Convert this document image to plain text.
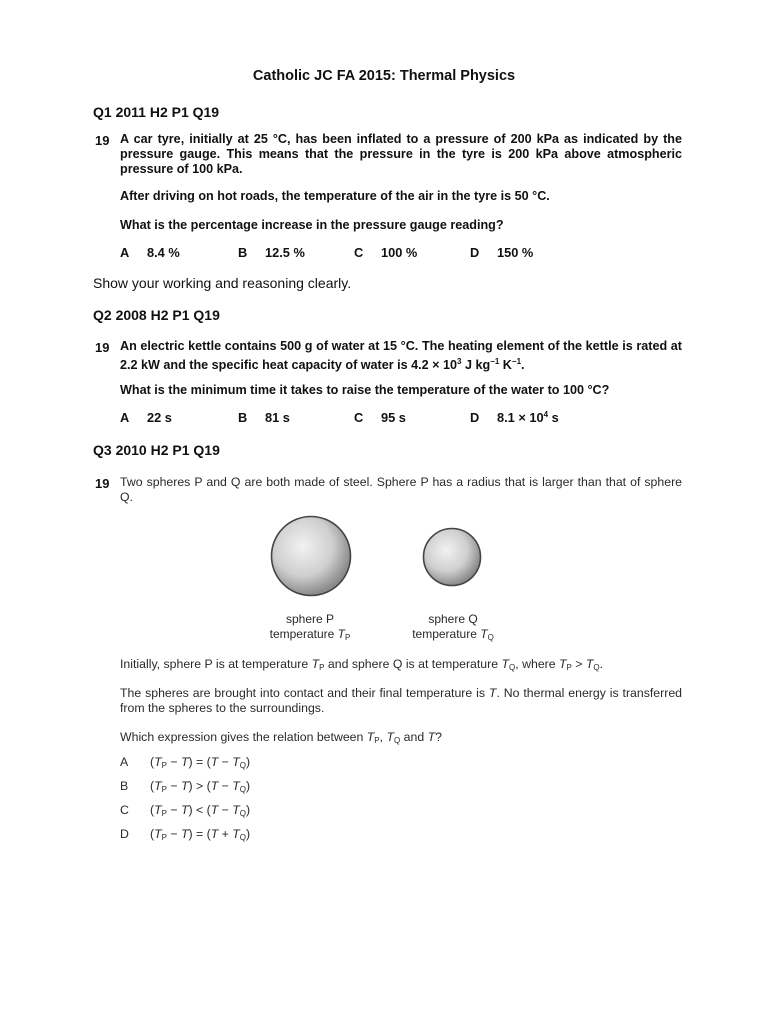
Catholic JC FA 2015: Thermal Physics
Q1 2011 H2 P1 Q19
19 A car tyre, initially at 25 °C, has been inflated to a pressure of 200 kPa as indicated by the pressure gauge. This means that the pressure in the tyre is 200 kPa above atmospheric pressure of 100 kPa.
After driving on hot roads, the temperature of the air in the tyre is 50 °C.
What is the percentage increase in the pressure gauge reading?
A 8.4 %	B 12.5 %	C 100 %	D 150 %
Show your working and reasoning clearly.
Q2 2008 H2 P1 Q19
19 An electric kettle contains 500 g of water at 15 °C. The heating element of the kettle is rated at 2.2 kW and the specific heat capacity of water is $4.2 \times 10^3$ J $kg^{-1}$ $K^{-1}$.
What is the minimum time it takes to raise the temperature of the water to 100 °C?
A 22 s	B 81 s	C 95 s	D $8.1 \times 10^4$ s
Q3 2010 H2 P1 Q19
19 Two spheres P and Q are both made of steel. Sphere P has a radius that is larger than that of sphere Q.
sphere P
temperature $T_P$
sphere Q
temperature $T_Q$
Initially, sphere P is at temperature $T_P$ and sphere Q is at temperature $T_Q$, where $T_P > T_Q$.
The spheres are brought into contact and their final temperature is T. No thermal energy is transferred from the spheres to the surroundings.
Which expression gives the relation between $T_P$, $T_Q$ and T?
A $(T_P - T) = (T - T_Q)$
B $(T_P - T) > (T - T_Q)$
C $(T_P - T) < (T - T_Q)$
D $(T_P - T) = (T + T_Q)$
